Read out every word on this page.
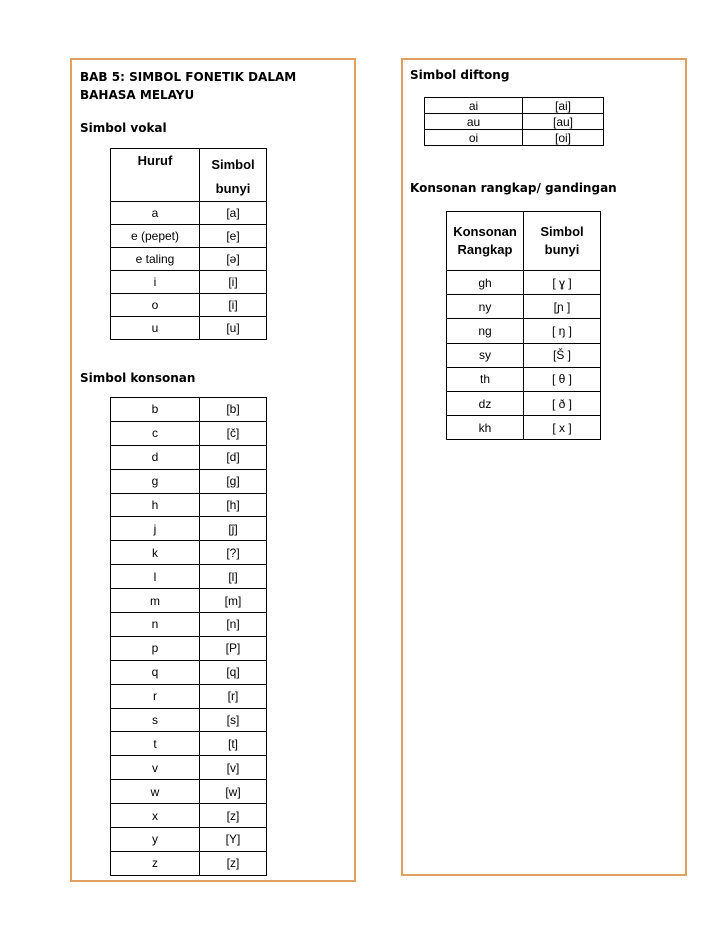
BAB 5: SIMBOL FONETIK DALAM BAHASA MELAYU

Simbol vokal

Huruf	Simbol bunyi
a	[a]
e (pepet)	[e]
e taling	[ə]
i	[i]
o	[i]
u	[u]

Simbol konsonan

b	[b]
c	[č]
d	[d]
g	[g]
h	[h]
j	[ĵ]
k	[?]
l	[l]
m	[m]
n	[n]
p	[P]
q	[q]
r	[r]
s	[s]
t	[t]
v	[v]
w	[w]
x	[z]
y	[Y]
z	[z]

Simbol diftong

ai	[ai]
au	[au]
oi	[oi]

Konsonan rangkap/ gandingan

Konsonan Rangkap	Simbol bunyi
gh	[ ɣ ]
ny	[ɲ ]
ng	[ ŋ ]
sy	[Š ]
th	[ θ ]
dz	[ ð ]
kh	[ x ]
